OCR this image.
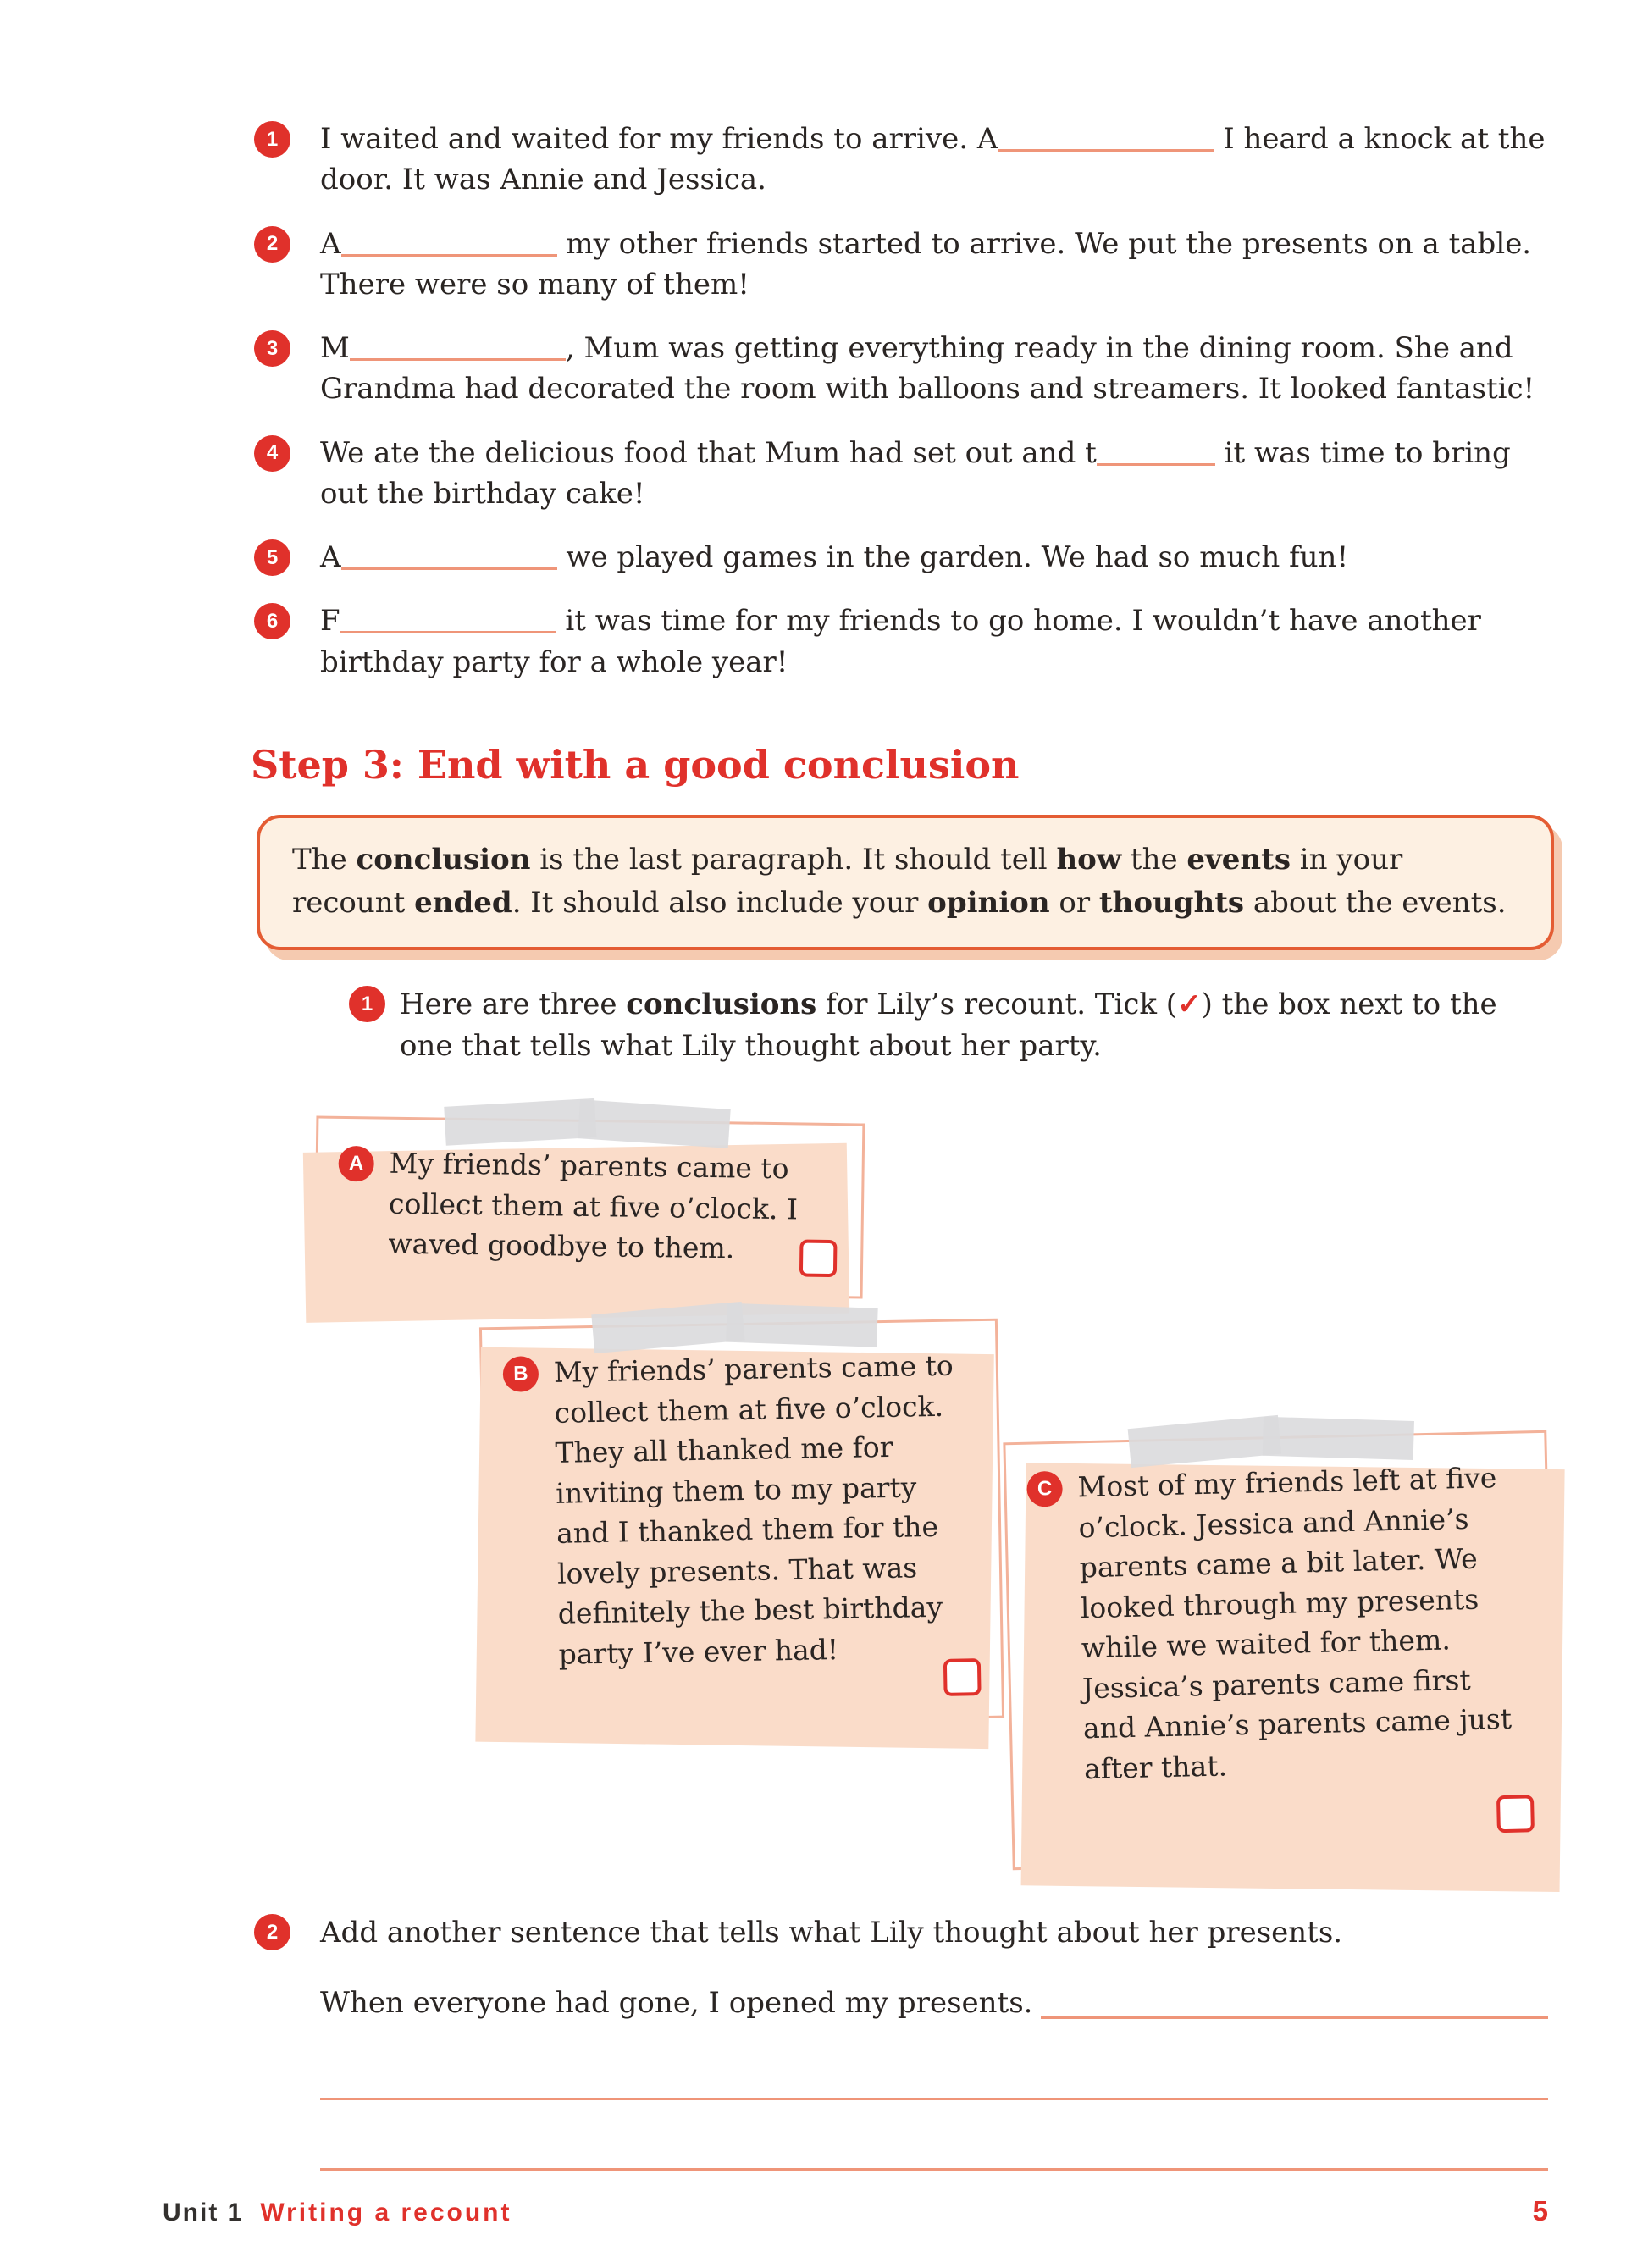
1	I waited and waited for my friends to arrive. A	I heard a knock at the door. It was Annie and Jessica.

2	A	my other friends started to arrive. We put the presents on a table. There were so many of them!

3	M	, Mum was getting everything ready in the dining room. She and Grandma had decorated the room with balloons and streamers. It looked fantastic!

4	We ate the delicious food that Mum had set out and t	it was time to bring out the birthday cake!

5	A	we played games in the garden. We had so much fun!

6	F	it was time for my friends to go home. I wouldn’t have another birthday party for a whole year!

Step 3: End with a good conclusion

The conclusion is the last paragraph. It should tell how the events in your recount ended. It should also include your opinion or thoughts about the events.

1 Here are three conclusions for Lily’s recount. Tick (✓) the box next to the one that tells what Lily thought about her party.

A My friends’ parents came to collect them at five o’clock. I waved goodbye to them.
B My friends’ parents came to collect them at five o’clock. They all thanked me for inviting them to my party and I thanked them for the lovely presents. That was definitely the best birthday party I’ve ever had!
C Most of my friends left at five o’clock. Jessica and Annie’s parents came a bit later. We looked through my presents while we waited for them. Jessica’s parents came first and Annie’s parents came just after that.
2	Add another sentence that tells what Lily thought about her presents.

When everyone had gone, I opened my presents.
Unit 1 Writing a recount	5
